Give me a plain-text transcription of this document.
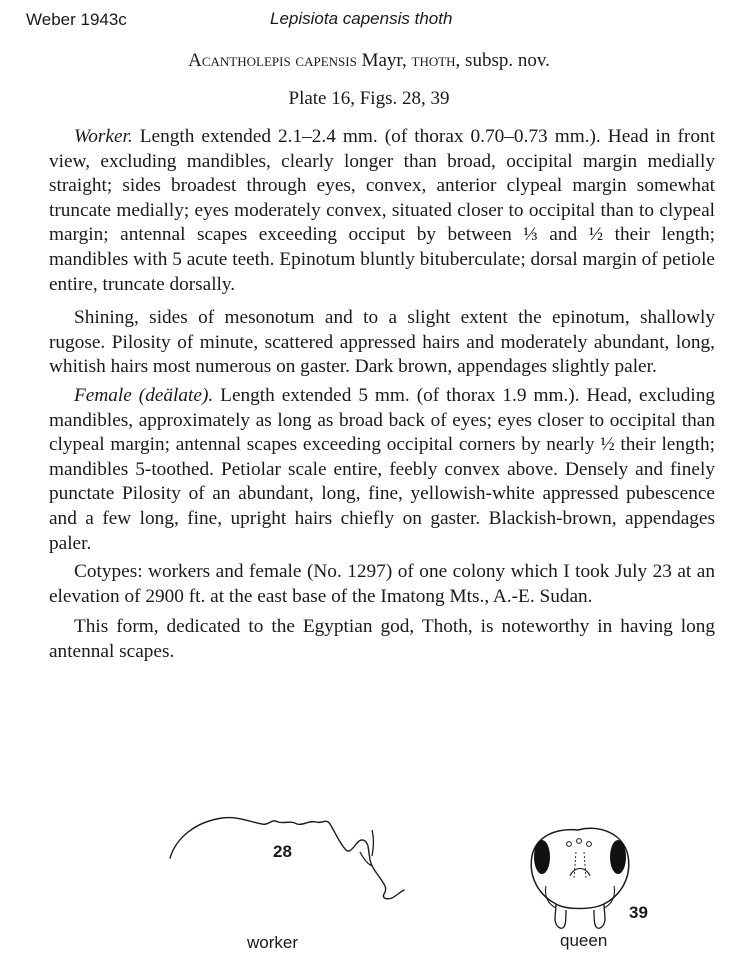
Weber 1943c	Lepisiota capensis thoth
Acantholepis capensis Mayr, thoth, subsp. nov.
Plate 16, Figs. 28, 39

Worker. Length extended 2.1–2.4 mm. (of thorax 0.70–0.73 mm.). Head in front view, excluding mandibles, clearly longer than broad, occipital margin medially straight; sides broadest through eyes, convex, anterior clypeal margin somewhat truncate medially; eyes moderately convex, situated closer to occipital than to clypeal margin; antennal scapes exceeding occiput by between ⅓ and ½ their length; mandibles with 5 acute teeth. Epinotum bluntly bituberculate; dorsal margin of petiole entire, truncate dorsally.

Shining, sides of mesonotum and to a slight extent the epinotum, shallowly rugose. Pilosity of minute, scattered appressed hairs and moderately abundant, long, whitish hairs most numerous on gaster. Dark brown, appendages slightly paler.

Female (deälate). Length extended 5 mm. (of thorax 1.9 mm.). Head, excluding mandibles, approximately as long as broad back of eyes; eyes closer to occipital than clypeal margin; antennal scapes exceeding occipital corners by nearly ½ their length; mandibles 5-toothed. Petiolar scale entire, feebly convex above. Densely and finely punctate Pilosity of an abundant, long, fine, yellowish-white appressed pubescence and a few long, fine, upright hairs chiefly on gaster. Blackish-brown, appendages paler.

Cotypes: workers and female (No. 1297) of one colony which I took July 23 at an elevation of 2900 ft. at the east base of the Imatong Mts., A.-E. Sudan.

This form, dedicated to the Egyptian god, Thoth, is noteworthy in having long antennal scapes.

28
39
worker	queen
